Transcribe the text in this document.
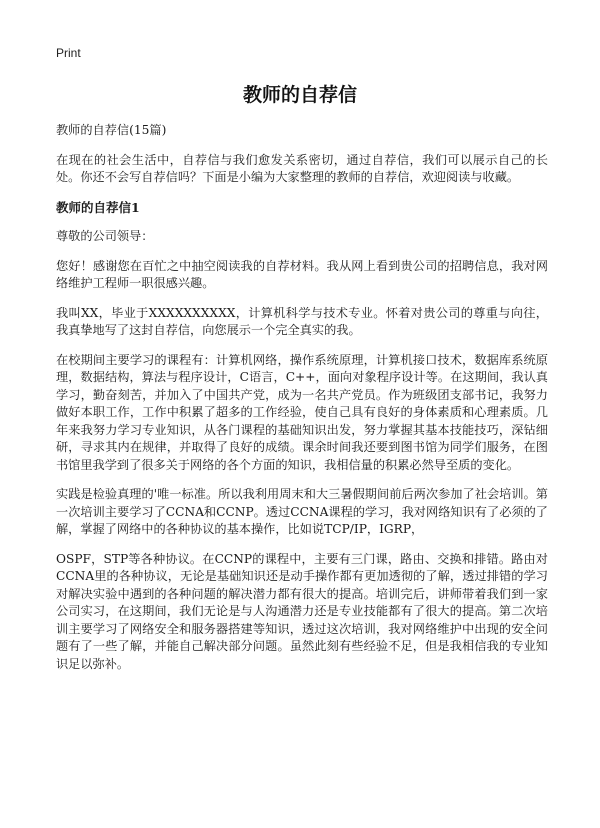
Print
教师的自荐信

教师的自荐信(15篇)

在现在的社会生活中，自荐信与我们愈发关系密切，通过自荐信，我们可以展示自己的长处。你还不会写自荐信吗？下面是小编为大家整理的教师的自荐信，欢迎阅读与收藏。

教师的自荐信1

尊敬的公司领导：

您好！感谢您在百忙之中抽空阅读我的自荐材料。我从网上看到贵公司的招聘信息，我对网络维护工程师一职很感兴趣。

我叫XX，毕业于XXXXXXXXXX，计算机科学与技术专业。怀着对贵公司的尊重与向往，我真挚地写了这封自荐信，向您展示一个完全真实的我。

在校期间主要学习的课程有：计算机网络，操作系统原理，计算机接口技术，数据库系统原理，数据结构，算法与程序设计，C语言，C++，面向对象程序设计等。在这期间，我认真学习，勤奋刻苦，并加入了中国共产党，成为一名共产党员。作为班级团支部书记，我努力做好本职工作，工作中积累了超多的工作经验，使自己具有良好的身体素质和心理素质。几年来我努力学习专业知识，从各门课程的基础知识出发，努力掌握其基本技能技巧，深钻细研，寻求其内在规律，并取得了良好的成绩。课余时间我还要到图书馆为同学们服务，在图书馆里我学到了很多关于网络的各个方面的知识，我相信量的积累必然导至质的变化。

实践是检验真理的'唯一标准。所以我利用周末和大三暑假期间前后两次参加了社会培训。第一次培训主要学习了CCNA和CCNP。透过CCNA课程的学习，我对网络知识有了必须的了解，掌握了网络中的各种协议的基本操作，比如说TCP/IP，IGRP，

OSPF，STP等各种协议。在CCNP的课程中，主要有三门课，路由、交换和排错。路由对CCNA里的各种协议，无论是基础知识还是动手操作都有更加透彻的了解，透过排错的学习对解决实验中遇到的各种问题的解决潜力都有很大的提高。培训完后，讲师带着我们到一家公司实习，在这期间，我们无论是与人沟通潜力还是专业技能都有了很大的提高。第二次培训主要学习了网络安全和服务器搭建等知识，透过这次培训，我对网络维护中出现的安全问题有了一些了解，并能自己解决部分问题。虽然此刻有些经验不足，但是我相信我的专业知识足以弥补。
